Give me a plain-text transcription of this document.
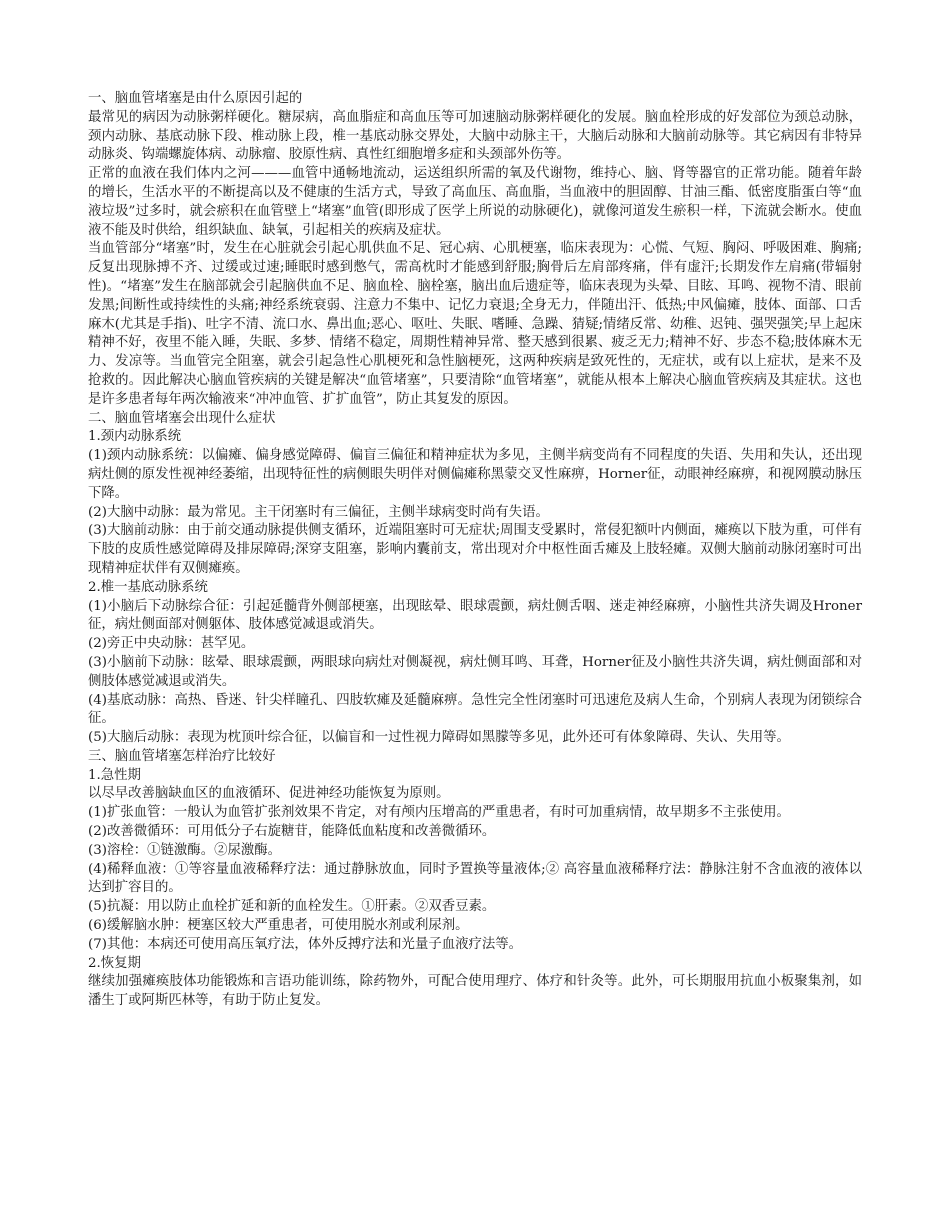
一、脑血管堵塞是由什么原因引起的

最常见的病因为动脉粥样硬化。糖尿病，高血脂症和高血压等可加速脑动脉粥样硬化的发展。脑血栓形成的好发部位为颈总动脉，颈内动脉、基底动脉下段、椎动脉上段，椎一基底动脉交界处，大脑中动脉主干，大脑后动脉和大脑前动脉等。其它病因有非特异动脉炎、钩端螺旋体病、动脉瘤、胶原性病、真性红细胞增多症和头颈部外伤等。

正常的血液在我们体内之河———血管中通畅地流动，运送组织所需的氧及代谢物，维持心、脑、肾等器官的正常功能。随着年龄的增长，生活水平的不断提高以及不健康的生活方式，导致了高血压、高血脂，当血液中的胆固醇、甘油三酯、低密度脂蛋白等“血液垃圾”过多时，就会瘀积在血管壁上“堵塞”血管(即形成了医学上所说的动脉硬化)，就像河道发生瘀积一样，下流就会断水。使血液不能及时供给，组织缺血、缺氧，引起相关的疾病及症状。

当血管部分“堵塞”时，发生在心脏就会引起心肌供血不足、冠心病、心肌梗塞，临床表现为：心慌、气短、胸闷、呼吸困难、胸痛;反复出现脉搏不齐、过缓或过速;睡眠时感到憋气，需高枕时才能感到舒服;胸骨后左肩部疼痛，伴有虚汗;长期发作左肩痛(带辐射性)。“堵塞”发生在脑部就会引起脑供血不足、脑血栓、脑栓塞，脑出血后遗症等，临床表现为头晕、目眩、耳鸣、视物不清、眼前发黑;间断性或持续性的头痛;神经系统衰弱、注意力不集中、记忆力衰退;全身无力，伴随出汗、低热;中风偏瘫，肢体、面部、口舌麻木(尤其是手指)、吐字不清、流口水、鼻出血;恶心、呕吐、失眠、嗜睡、急躁、猜疑;情绪反常、幼稚、迟钝、强哭强笑;早上起床精神不好，夜里不能入睡，失眠、多梦、情绪不稳定，周期性精神异常、整天感到很累、疲乏无力;精神不好、步态不稳;肢体麻木无力、发凉等。当血管完全阻塞，就会引起急性心肌梗死和急性脑梗死，这两种疾病是致死性的，无症状，或有以上症状，是来不及抢救的。因此解决心脑血管疾病的关键是解决“血管堵塞”，只要清除“血管堵塞”，就能从根本上解决心脑血管疾病及其症状。这也是许多患者每年两次输液来“冲冲血管、扩扩血管”，防止其复发的原因。

二、脑血管堵塞会出现什么症状

1.颈内动脉系统

(1)颈内动脉系统：以偏瘫、偏身感觉障碍、偏盲三偏征和精神症状为多见，主侧半病变尚有不同程度的失语、失用和失认，还出现病灶侧的原发性视神经萎缩，出现特征性的病侧眼失明伴对侧偏瘫称黑蒙交叉性麻痹，Horner征，动眼神经麻痹，和视网膜动脉压下降。

(2)大脑中动脉：最为常见。主干闭塞时有三偏征，主侧半球病变时尚有失语。

(3)大脑前动脉：由于前交通动脉提供侧支循环，近端阻塞时可无症状;周围支受累时，常侵犯额叶内侧面，瘫痪以下肢为重，可伴有下肢的皮质性感觉障碍及排尿障碍;深穿支阻塞，影响内囊前支，常出现对介中枢性面舌瘫及上肢轻瘫。双侧大脑前动脉闭塞时可出现精神症状伴有双侧瘫痪。

2.椎一基底动脉系统

(1)小脑后下动脉综合征：引起延髓背外侧部梗塞，出现眩晕、眼球震颤，病灶侧舌咽、迷走神经麻痹，小脑性共济失调及Hroner征，病灶侧面部对侧躯体、肢体感觉减退或消失。

(2)旁正中央动脉：甚罕见。

(3)小脑前下动脉：眩晕、眼球震颤，两眼球向病灶对侧凝视，病灶侧耳鸣、耳聋，Horner征及小脑性共济失调，病灶侧面部和对侧肢体感觉减退或消失。

(4)基底动脉：高热、昏迷、针尖样瞳孔、四肢软瘫及延髓麻痹。急性完全性闭塞时可迅速危及病人生命，个别病人表现为闭锁综合征。

(5)大脑后动脉：表现为枕顶叶综合征，以偏盲和一过性视力障碍如黑朦等多见，此外还可有体象障碍、失认、失用等。

三、脑血管堵塞怎样治疗比较好

1.急性期

以尽早改善脑缺血区的血液循环、促进神经功能恢复为原则。

(1)扩张血管：一般认为血管扩张剂效果不肯定，对有颅内压增高的严重患者，有时可加重病情，故早期多不主张使用。

(2)改善微循环：可用低分子右旋糖苷，能降低血粘度和改善微循环。

(3)溶栓：①链激酶。②尿激酶。

(4)稀释血液：①等容量血液稀释疗法：通过静脉放血，同时予置换等量液体;② 高容量血液稀释疗法：静脉注射不含血液的液体以达到扩容目的。

(5)抗凝：用以防止血栓扩延和新的血栓发生。①肝素。②双香豆素。

(6)缓解脑水肿：梗塞区较大严重患者，可使用脱水剂或利尿剂。

(7)其他：本病还可使用高压氧疗法，体外反搏疗法和光量子血液疗法等。

2.恢复期

继续加强瘫痪肢体功能锻炼和言语功能训练，除药物外，可配合使用理疗、体疗和针灸等。此外，可长期服用抗血小板聚集剂，如潘生丁或阿斯匹林等，有助于防止复发。
